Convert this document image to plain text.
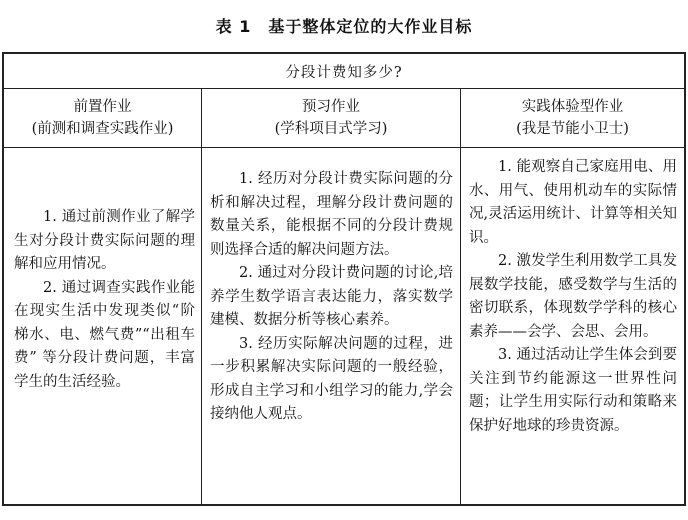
表 1　基于整体定位的大作业目标
分段计费知多少?
前置作业
(前测和调查实践作业)
预习作业
(学科项目式学习)
实践体验型作业
(我是节能小卫士)

1. 通过前测作业了解学生对分段计费实际问题的理解和应用情况。

2. 通过调查实践作业能在现实生活中发现类似“阶梯水、电、燃气费”“出租车费” 等分段计费问题，丰富学生的生活经验。

1. 经历对分段计费实际问题的分析和解决过程，理解分段计费问题的数量关系，能根据不同的分段计费规则选择合适的解决问题方法。

2. 通过对分段计费问题的讨论,培养学生数学语言表达能力，落实数学建模、数据分析等核心素养。

3. 经历实际解决问题的过程，进一步积累解决实际问题的一般经验，形成自主学习和小组学习的能力,学会接纳他人观点。

1. 能观察自己家庭用电、用水、用气、使用机动车的实际情况,灵活运用统计、计算等相关知识。

2. 激发学生利用数学工具发展数学技能，感受数学与生活的密切联系，体现数学学科的核心素养——会学、会思、会用。

3. 通过活动让学生体会到要关注到节约能源这一世界性问题；让学生用实际行动和策略来保护好地球的珍贵资源。
